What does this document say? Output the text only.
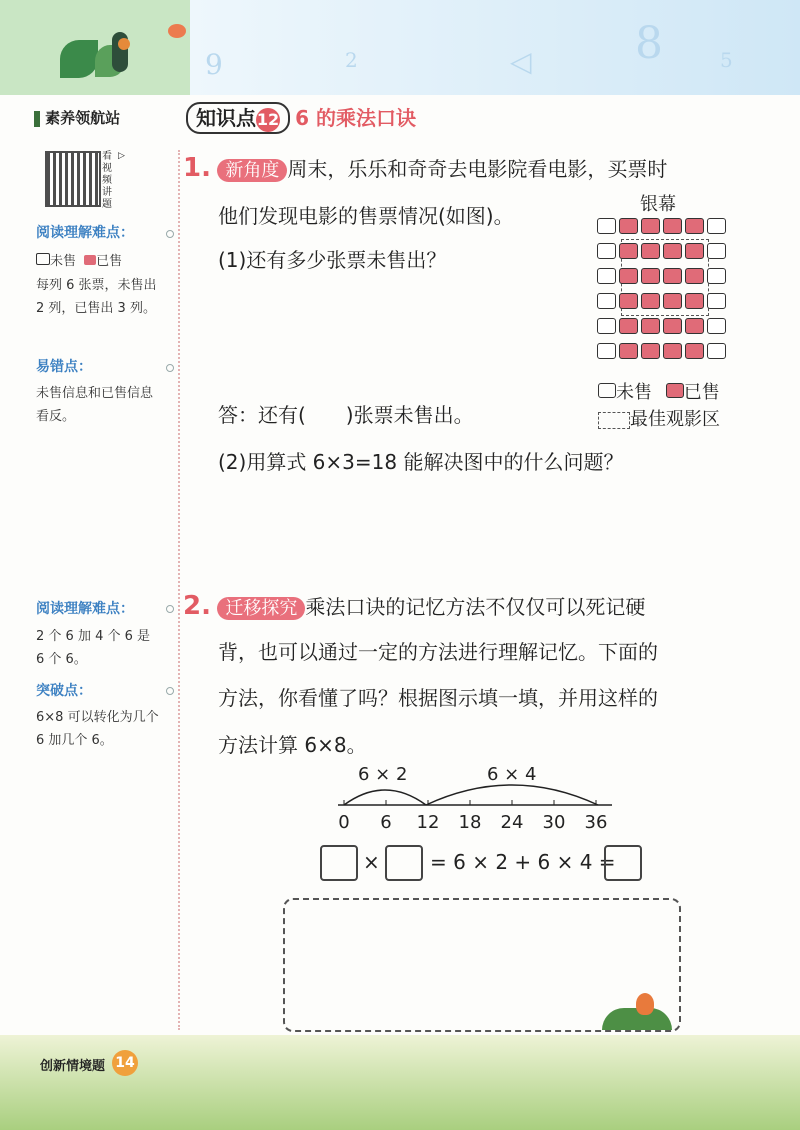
9	2	◁ 8	5
素养领航站
看视频讲题
▷
阅读理解难点：
未售 已售
每列 6 张票，未售出 2 列，已售出 3 列。
易错点：
未售信息和已售信息看反。
阅读理解难点：
2 个 6 加 4 个 6 是 6 个 6。
突破点：
6×8 可以转化为几个 6 加几个 6。
知识点12 6 的乘法口诀
1. 新角度 周末，乐乐和奇奇去电影院看电影，买票时
他们发现电影的售票情况(如图)。
(1)还有多少张票未售出？
答：还有(　　)张票未售出。
(2)用算式 6×3=18 能解决图中的什么问题？
银幕
未售 已售
最佳观影区
2. 迁移探究 乘法口诀的记忆方法不仅仅可以死记硬
背，也可以通过一定的方法进行理解记忆。下面的
方法，你看懂了吗？根据图示填一填，并用这样的
方法计算 6×8。
6 × 2	6 × 4
0	6	12 18 24 30 36
×	= 6 × 2 + 6 × 4 =
创新情境题 14
